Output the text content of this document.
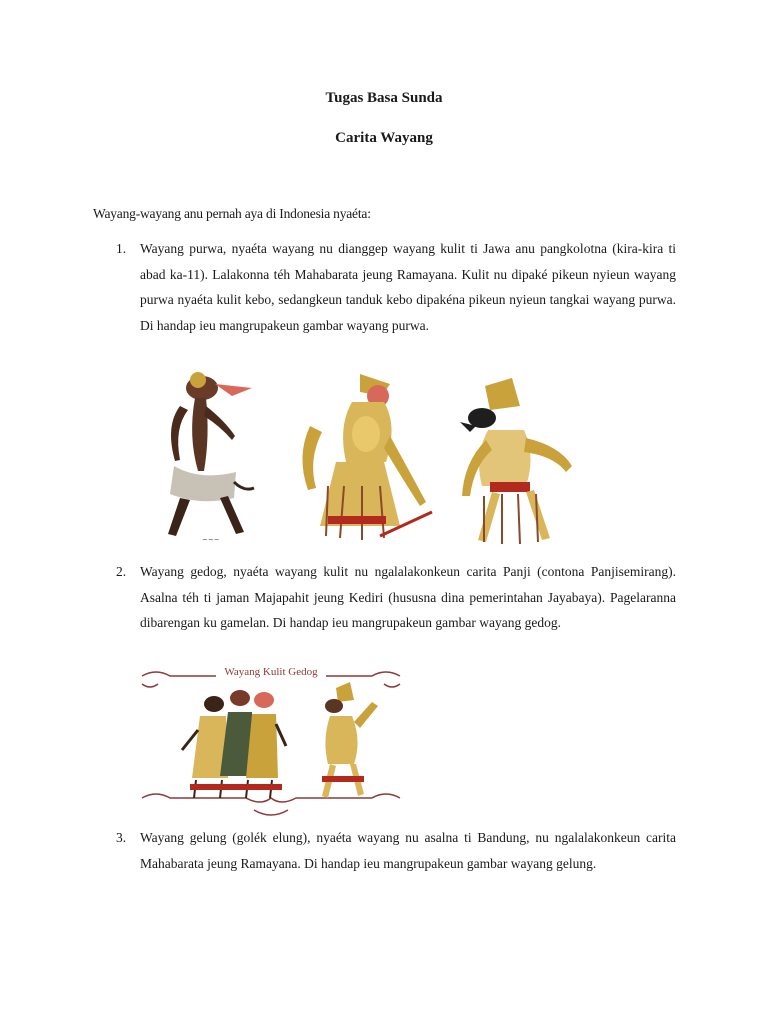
Tugas Basa Sunda
Carita Wayang
Wayang-wayang anu pernah aya di Indonesia nyaéta:
1. Wayang purwa, nyaéta wayang nu dianggep wayang kulit ti Jawa anu pangkolotna (kira-kira ti abad ka-11). Lalakonna téh Mahabarata jeung Ramayana. Kulit nu dipaké pikeun nyieun wayang purwa nyaéta kulit kebo, sedangkeun tanduk kebo dipakéna pikeun nyieun tangkai wayang purwa. Di handap ieu mangrupakeun gambar wayang purwa.
~~~
2. Wayang gedog, nyaéta wayang kulit nu ngalalakonkeun carita Panji (contona Panjisemirang). Asalna téh ti jaman Majapahit jeung Kediri (hususna dina pemerintahan Jayabaya). Pagelaranna dibarengan ku gamelan. Di handap ieu mangrupakeun gambar wayang gedog.
Wayang Kulit Gedog
3. Wayang gelung (golék elung), nyaéta wayang nu asalna ti Bandung, nu ngalalakonkeun carita Mahabarata jeung Ramayana. Di handap ieu mangrupakeun gambar wayang gelung.
